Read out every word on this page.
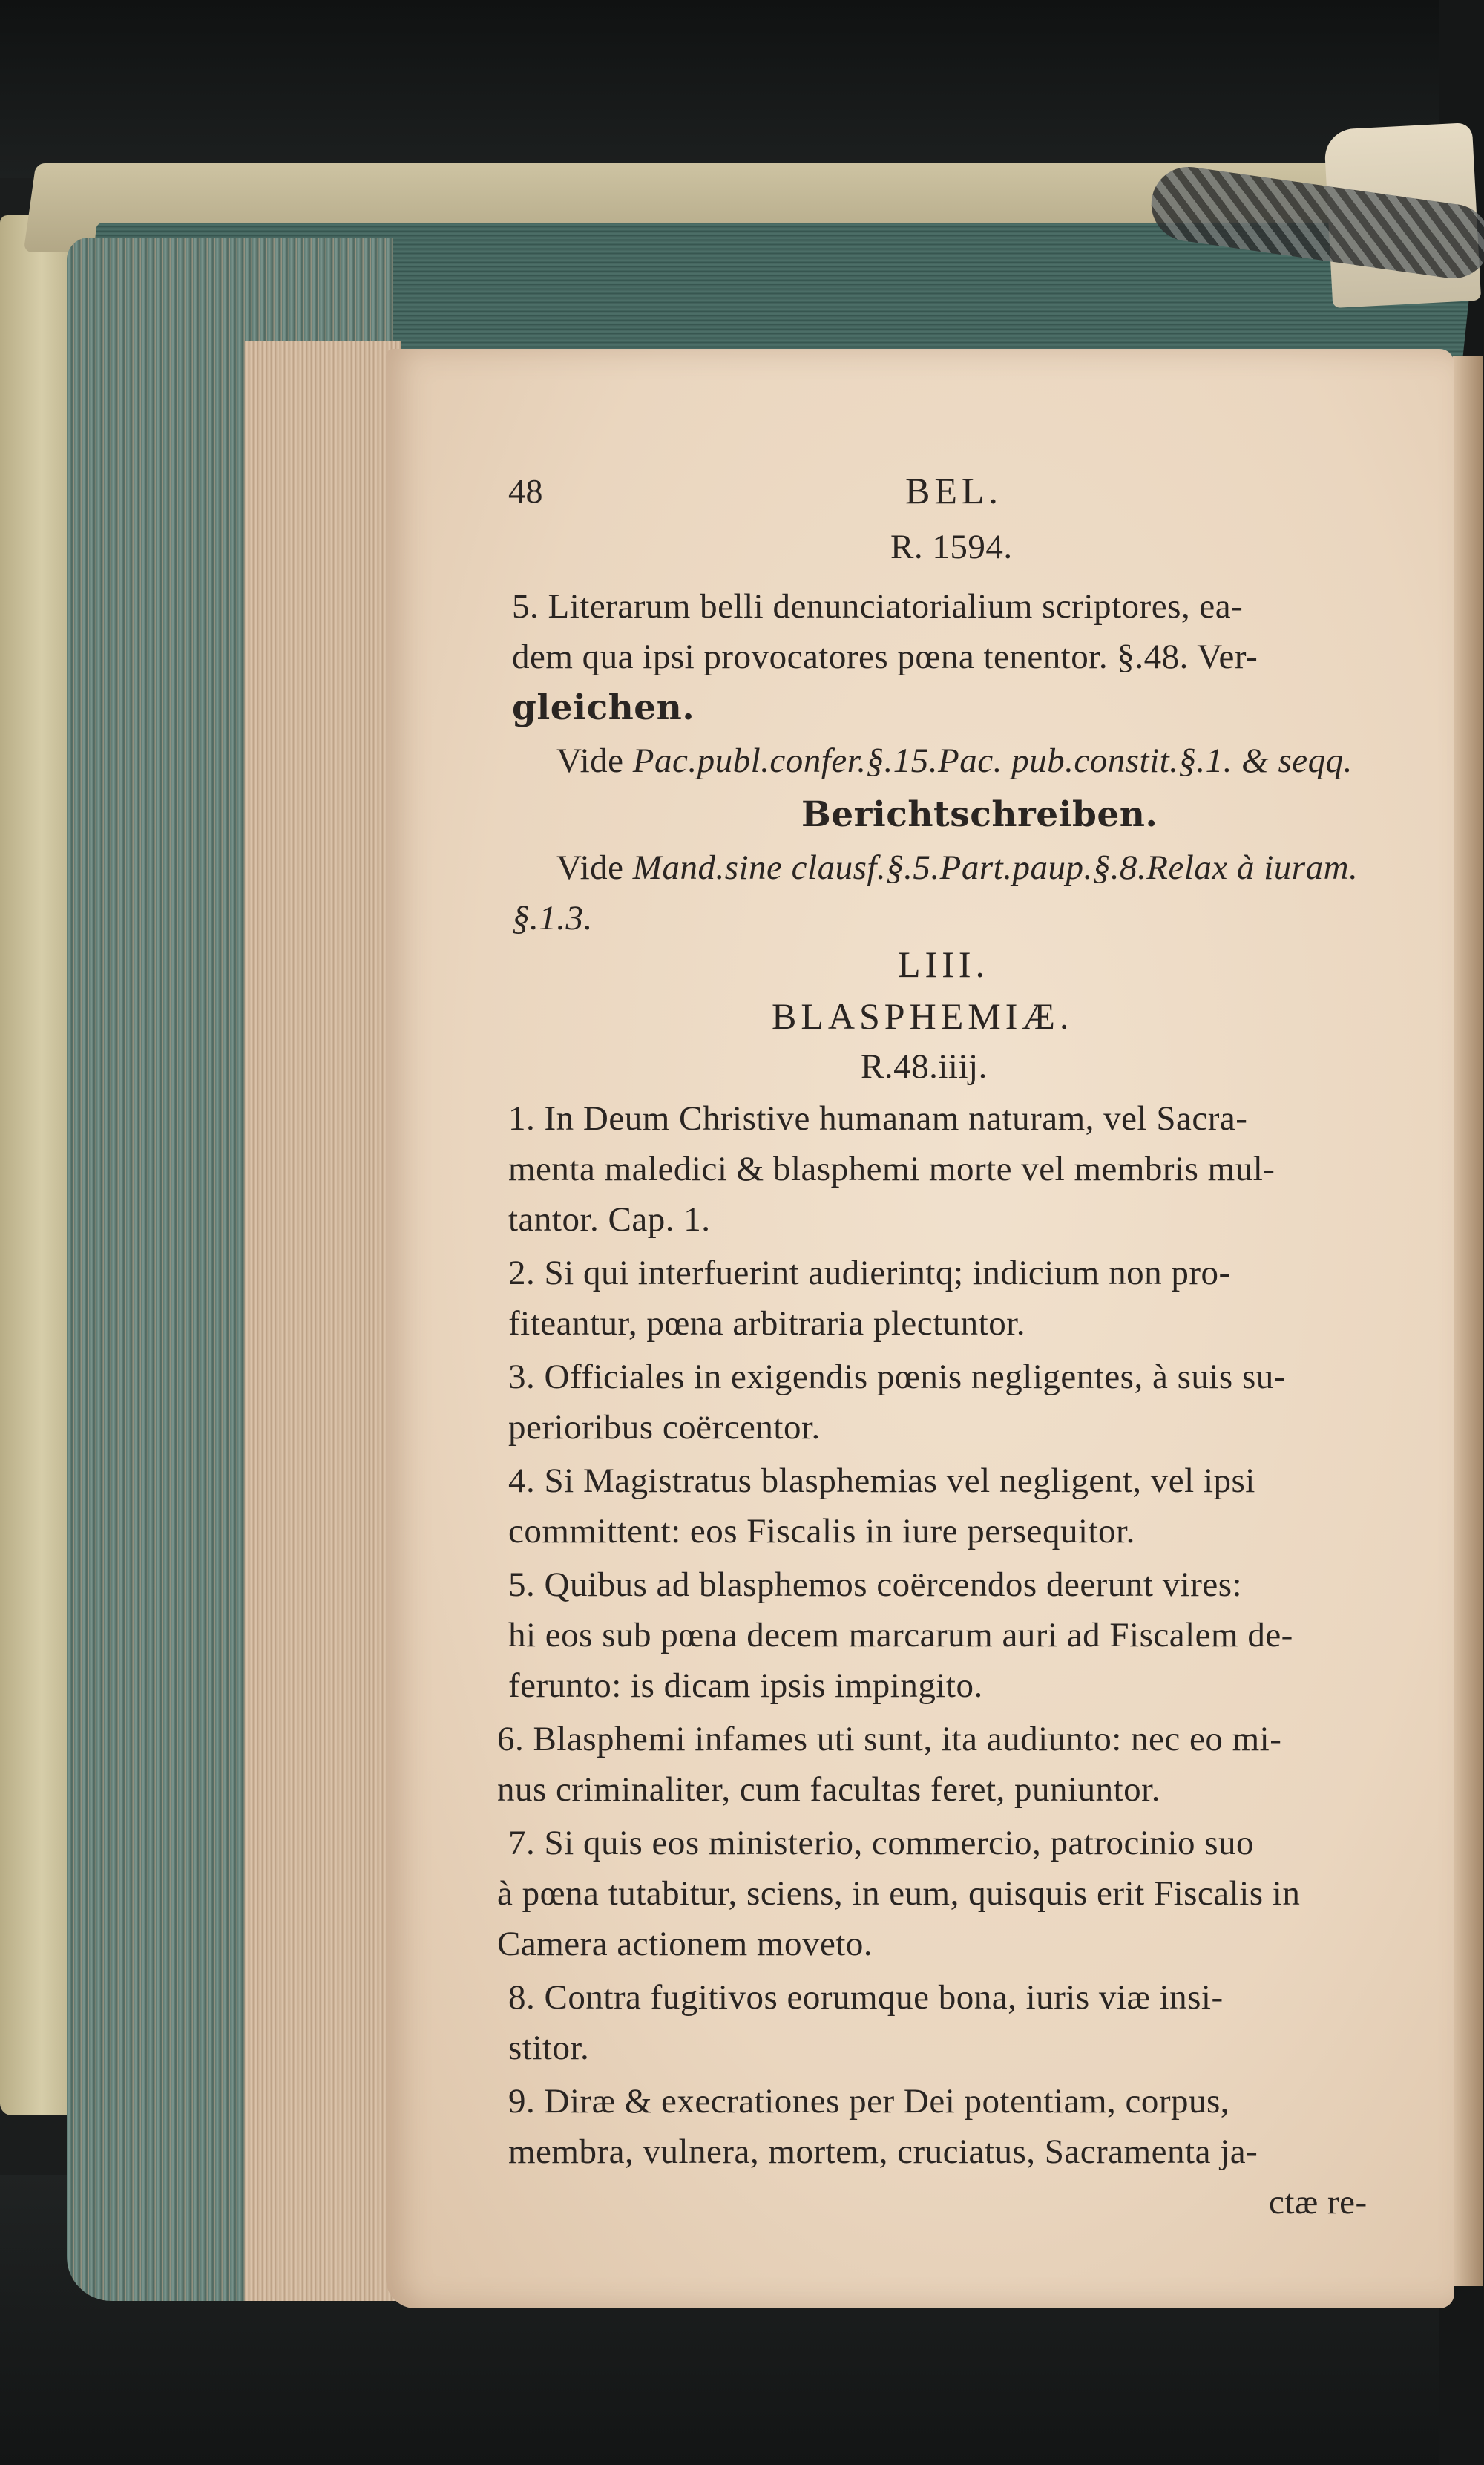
48	BEL.
R. 1594.
5. Literarum belli denunciatorialium scriptores, ea-
dem qua ipsi provocatores pœna tenentor. §.48. Ver-
gleichen.
Vide Pac.publ.confer.§.15.Pac. pub.constit.§.1. & seqq.
Berichtschreiben.
Vide Mand.sine clausf.§.5.Part.paup.§.8.Relax à iuram.
§.1.3.
LIII.
BLASPHEMIÆ.
R.48.iiij.
1. In Deum Christive humanam naturam, vel Sacra-
menta maledici & blasphemi morte vel membris mul-
tantor. Cap. 1.
2. Si qui interfuerint audierintq; indicium non pro-
fiteantur, pœna arbitraria plectuntor.
3. Officiales in exigendis pœnis negligentes, à suis su-
perioribus coërcentor.
4. Si Magistratus blasphemias vel negligent, vel ipsi
committent: eos Fiscalis in iure persequitor.
5. Quibus ad blasphemos coërcendos deerunt vires:
hi eos sub pœna decem marcarum auri ad Fiscalem de-
ferunto: is dicam ipsis impingito.
6. Blasphemi infames uti sunt, ita audiunto: nec eo mi-
nus criminaliter, cum facultas feret, puniuntor.
7. Si quis eos ministerio, commercio, patrocinio suo
à pœna tutabitur, sciens, in eum, quisquis erit Fiscalis in
Camera actionem moveto.
8. Contra fugitivos eorumque bona, iuris viæ insi-
stitor.
9. Diræ & execrationes per Dei potentiam, corpus,
membra, vulnera, mortem, cruciatus, Sacramenta ja-
ctæ re-
